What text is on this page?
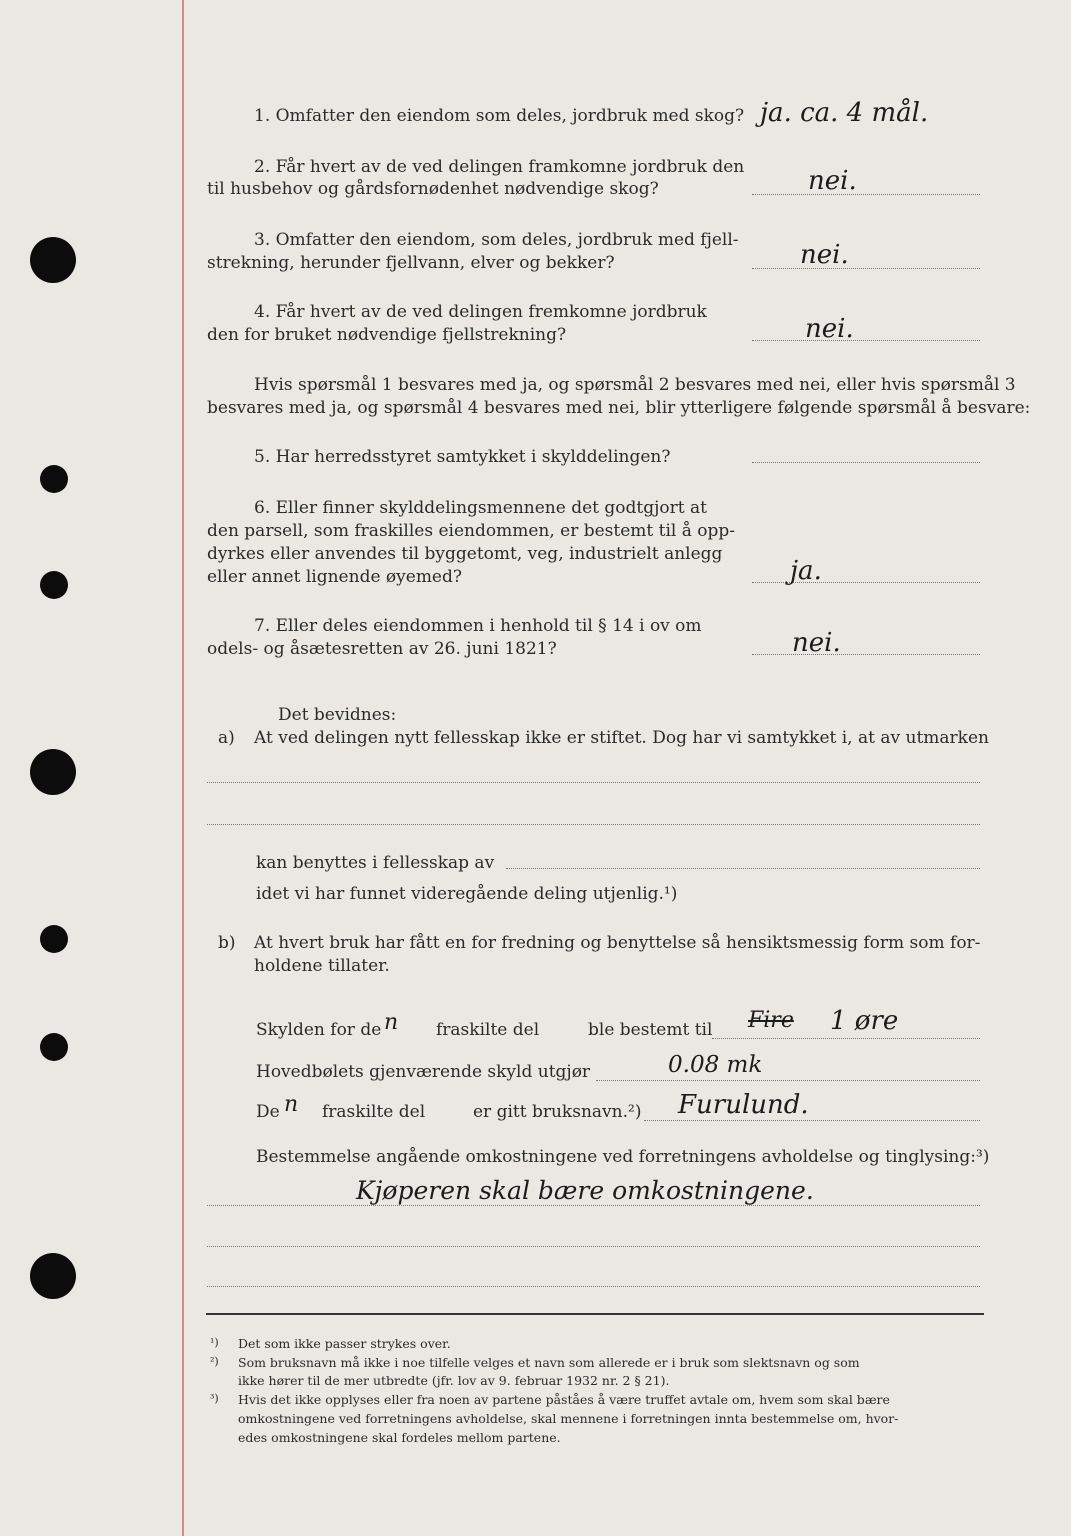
1. Omfatter den eiendom som deles, jordbruk med skog? ja. ca. 4 mål.
2. Får hvert av de ved delingen framkomne jordbruk den
til husbehov og gårdsfornødenhet nødvendige skog?	nei.
3. Omfatter den eiendom, som deles, jordbruk med fjell-
strekning, herunder fjellvann, elver og bekker?	nei.
4. Får hvert av de ved delingen fremkomne jordbruk
den for bruket nødvendige fjellstrekning?	nei.
Hvis spørsmål 1 besvares med ja, og spørsmål 2 besvares med nei, eller hvis spørsmål 3
besvares med ja, og spørsmål 4 besvares med nei, blir ytterligere følgende spørsmål å besvare:
5. Har herredsstyret samtykket i skylddelingen?
6. Eller finner skylddelingsmennene det godtgjort at
den parsell, som fraskilles eiendommen, er bestemt til å opp-
dyrkes eller anvendes til byggetomt, veg, industrielt anlegg
eller annet lignende øyemed?	ja.
7. Eller deles eiendommen i henhold til § 14 i ov om
odels- og åsætesretten av 26. juni 1821?	nei.
Det bevidnes:
a) At ved delingen nytt fellesskap ikke er stiftet. Dog har vi samtykket i, at av utmarken
kan benyttes i fellesskap av
idet vi har funnet videregående deling utjenlig.¹)
b) At hvert bruk har fått en for fredning og benyttelse så hensiktsmessig form som for-
holdene tillater.
Skylden for de n fraskilte del	ble bestemt til Fire 1 øre
Hovedbølets gjenværende skyld utgjør	0.08 mk
De n fraskilte del	er gitt bruksnavn.²) Furulund.
Bestemmelse angående omkostningene ved forretningens avholdelse og tinglysing:³)
Kjøperen skal bære omkostningene.
¹) Det som ikke passer strykes over.
²) Som bruksnavn må ikke i noe tilfelle velges et navn som allerede er i bruk som slektsnavn og som
ikke hører til de mer utbredte (jfr. lov av 9. februar 1932 nr. 2 § 21).
³) Hvis det ikke opplyses eller fra noen av partene påståes å være truffet avtale om, hvem som skal bære
omkostningene ved forretningens avholdelse, skal mennene i forretningen innta bestemmelse om, hvor-
edes omkostningene skal fordeles mellom partene.
